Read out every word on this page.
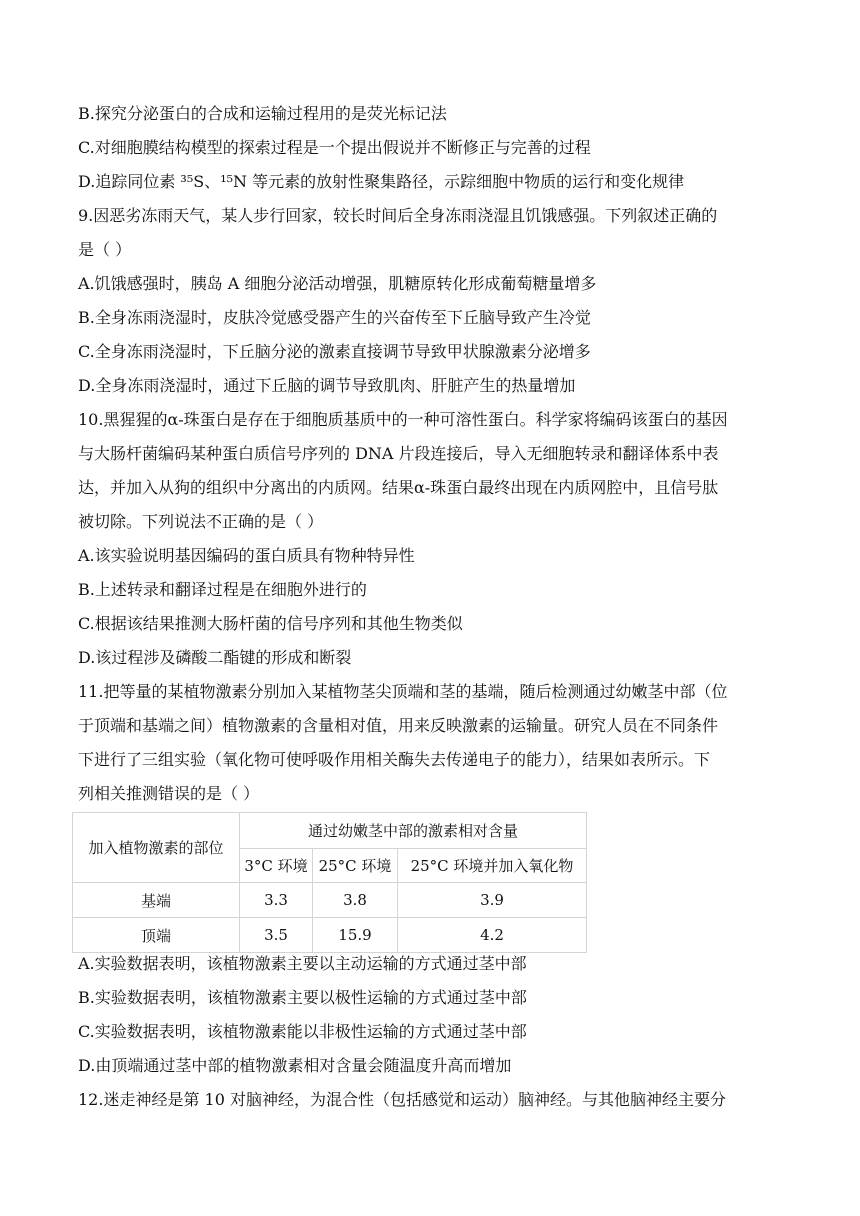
B.探究分泌蛋白的合成和运输过程用的是荧光标记法
C.对细胞膜结构模型的探索过程是一个提出假说并不断修正与完善的过程
D.追踪同位素 ³⁵S、¹⁵N 等元素的放射性聚集路径，示踪细胞中物质的运行和变化规律
9.因恶劣冻雨天气，某人步行回家，较长时间后全身冻雨浇湿且饥饿感强。下列叙述正确的
是（ ）
A.饥饿感强时，胰岛 A 细胞分泌活动增强，肌糖原转化形成葡萄糖量增多
B.全身冻雨浇湿时，皮肤冷觉感受器产生的兴奋传至下丘脑导致产生冷觉
C.全身冻雨浇湿时，下丘脑分泌的激素直接调节导致甲状腺激素分泌增多
D.全身冻雨浇湿时，通过下丘脑的调节导致肌肉、肝脏产生的热量增加
10.黑猩猩的α-珠蛋白是存在于细胞质基质中的一种可溶性蛋白。科学家将编码该蛋白的基因
与大肠杆菌编码某种蛋白质信号序列的 DNA 片段连接后，导入无细胞转录和翻译体系中表
达，并加入从狗的组织中分离出的内质网。结果α-珠蛋白最终出现在内质网腔中，且信号肽
被切除。下列说法不正确的是（ ）
A.该实验说明基因编码的蛋白质具有物种特异性
B.上述转录和翻译过程是在细胞外进行的
C.根据该结果推测大肠杆菌的信号序列和其他生物类似
D.该过程涉及磷酸二酯键的形成和断裂
11.把等量的某植物激素分别加入某植物茎尖顶端和茎的基端，随后检测通过幼嫩茎中部（位
于顶端和基端之间）植物激素的含量相对值，用来反映激素的运输量。研究人员在不同条件
下进行了三组实验（氧化物可使呼吸作用相关酶失去传递电子的能力），结果如表所示。下
列相关推测错误的是（ ）
加入植物激素的部位	通过幼嫩茎中部的激素相对含量		
	3°C 环境	25°C 环境	25°C 环境并加入氧化物
基端	3.3	3.8	3.9
顶端	3.5	15.9	4.2
A.实验数据表明，该植物激素主要以主动运输的方式通过茎中部
B.实验数据表明，该植物激素主要以极性运输的方式通过茎中部
C.实验数据表明，该植物激素能以非极性运输的方式通过茎中部
D.由顶端通过茎中部的植物激素相对含量会随温度升高而增加
12.迷走神经是第 10 对脑神经，为混合性（包括感觉和运动）脑神经。与其他脑神经主要分
